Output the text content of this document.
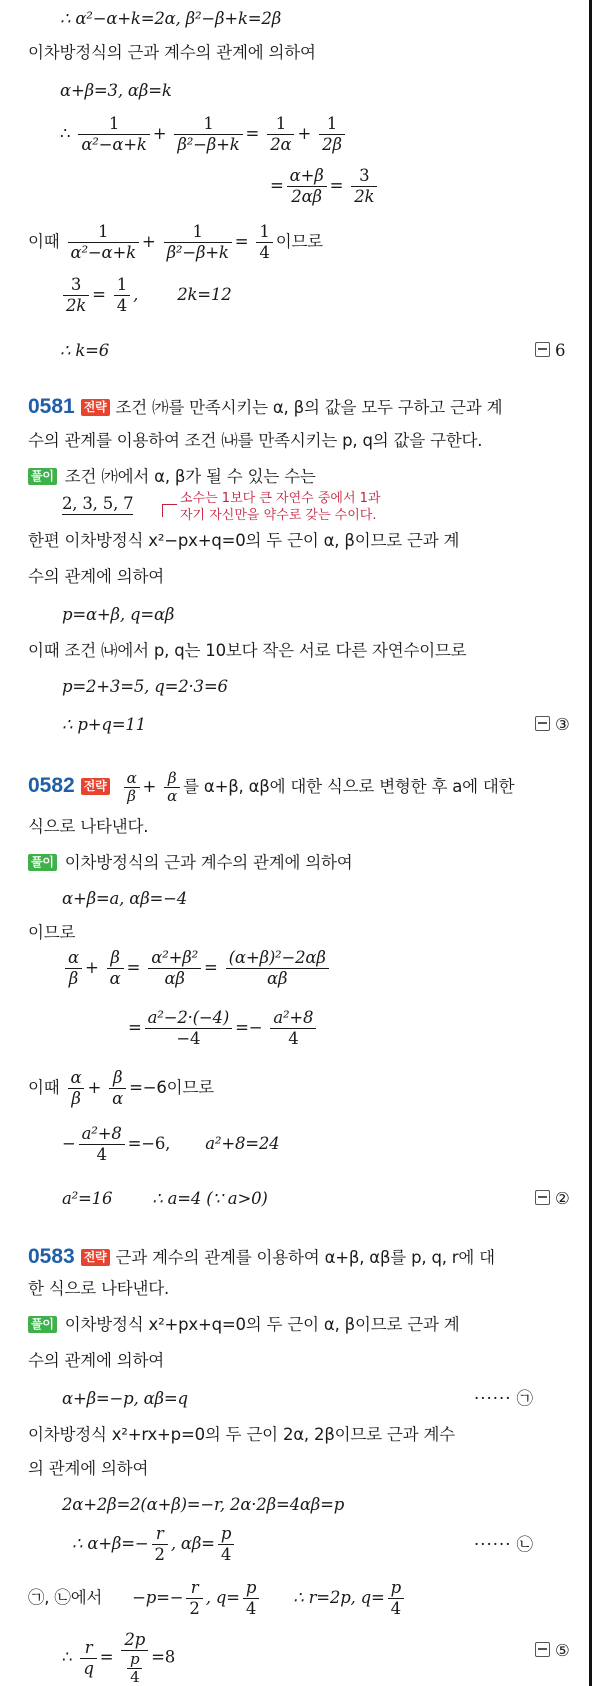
∴ α²−α+k=2α, β²−β+k=2β
이차방정식의 근과 계수의 관계에 의하여
α+β=3, αβ=k
∴ $\frac{1}{\text{α²−α+k}} + \frac{1}{\text{β²−β+k}} = \frac{1}{2\alpha} + \frac{1}{2\beta}$
= $\frac{\alpha+\beta}{2\alpha\beta} = \frac{3}{2k}$
이때 $\frac{1}{\text{α²−α+k}} + \frac{1}{\text{β²−β+k}} = \frac{1}{4}$ 이므로
$\frac{3}{2k} = \frac{1}{4}$ , 2k=12
∴ k=6	6
0581 전략 조건 ㈎를 만족시키는 α, β의 값을 모두 구하고 근과 계
수의 관계를 이용하여 조건 ㈏를 만족시키는 p, q의 값을 구한다.
풀이 조건 ㈎에서 α, β가 될 수 있는 수는
2, 3, 5, 7	소수는 1보다 큰 자연수 중에서 1과
자기 자신만을 약수로 갖는 수이다.
한편 이차방정식 x²−px+q=0의 두 근이 α, β이므로 근과 계
수의 관계에 의하여
p=α+β, q=αβ
이때 조건 ㈏에서 p, q는 10보다 작은 서로 다른 자연수이므로
p=2+3=5, q=2·3=6
∴ p+q=11	③
0582 전략 $\frac{\alpha}{\beta} + \frac{\beta}{\alpha}$ 를 α+β, αβ에 대한 식으로 변형한 후 a에 대한
식으로 나타낸다.
풀이 이차방정식의 근과 계수의 관계에 의하여
α+β=a, αβ=−4
이므로
$\frac{\alpha}{\beta} + \frac{\beta}{\alpha} = \frac{\text{α²+β²}}{\alpha\beta} = \frac{\text{(α+β)²−2αβ}}{\alpha\beta}$
= $\frac{\text{a²−2·(−4)}}{-4} =- \frac{\text{a²+8}}{4}$
이때 $\frac{\alpha}{\beta} + \frac{\beta}{\alpha} =-6$이므로
− $\frac{\text{a²+8}}{4} =-6$, a²+8=24
a²=16 ∴ a=4 (∵ a>0)	②
0583 전략 근과 계수의 관계를 이용하여 α+β, αβ를 p, q, r에 대
한 식으로 나타낸다.
풀이 이차방정식 x²+px+q=0의 두 근이 α, β이므로 근과 계
수의 관계에 의하여
α+β=−p, αβ=q	······ ㉠
이차방정식 x²+rx+p=0의 두 근이 2α, 2β이므로 근과 계수
의 관계에 의하여
2α+2β=2(α+β)=−r, 2α·2β=4αβ=p
∴ $\alpha+\beta=- \frac{r}{2}$ , $\alpha\beta= \frac{p}{4}$	······ ㉡
㉠, ㉡에서 $-p=- \frac{r}{2}$ , $q= \frac{p}{4}$ ∴ r=2p, $q= \frac{p}{4}$
∴ $\frac{r}{q} = \frac{2p}{\frac{p}{4}} =8$	⑤
